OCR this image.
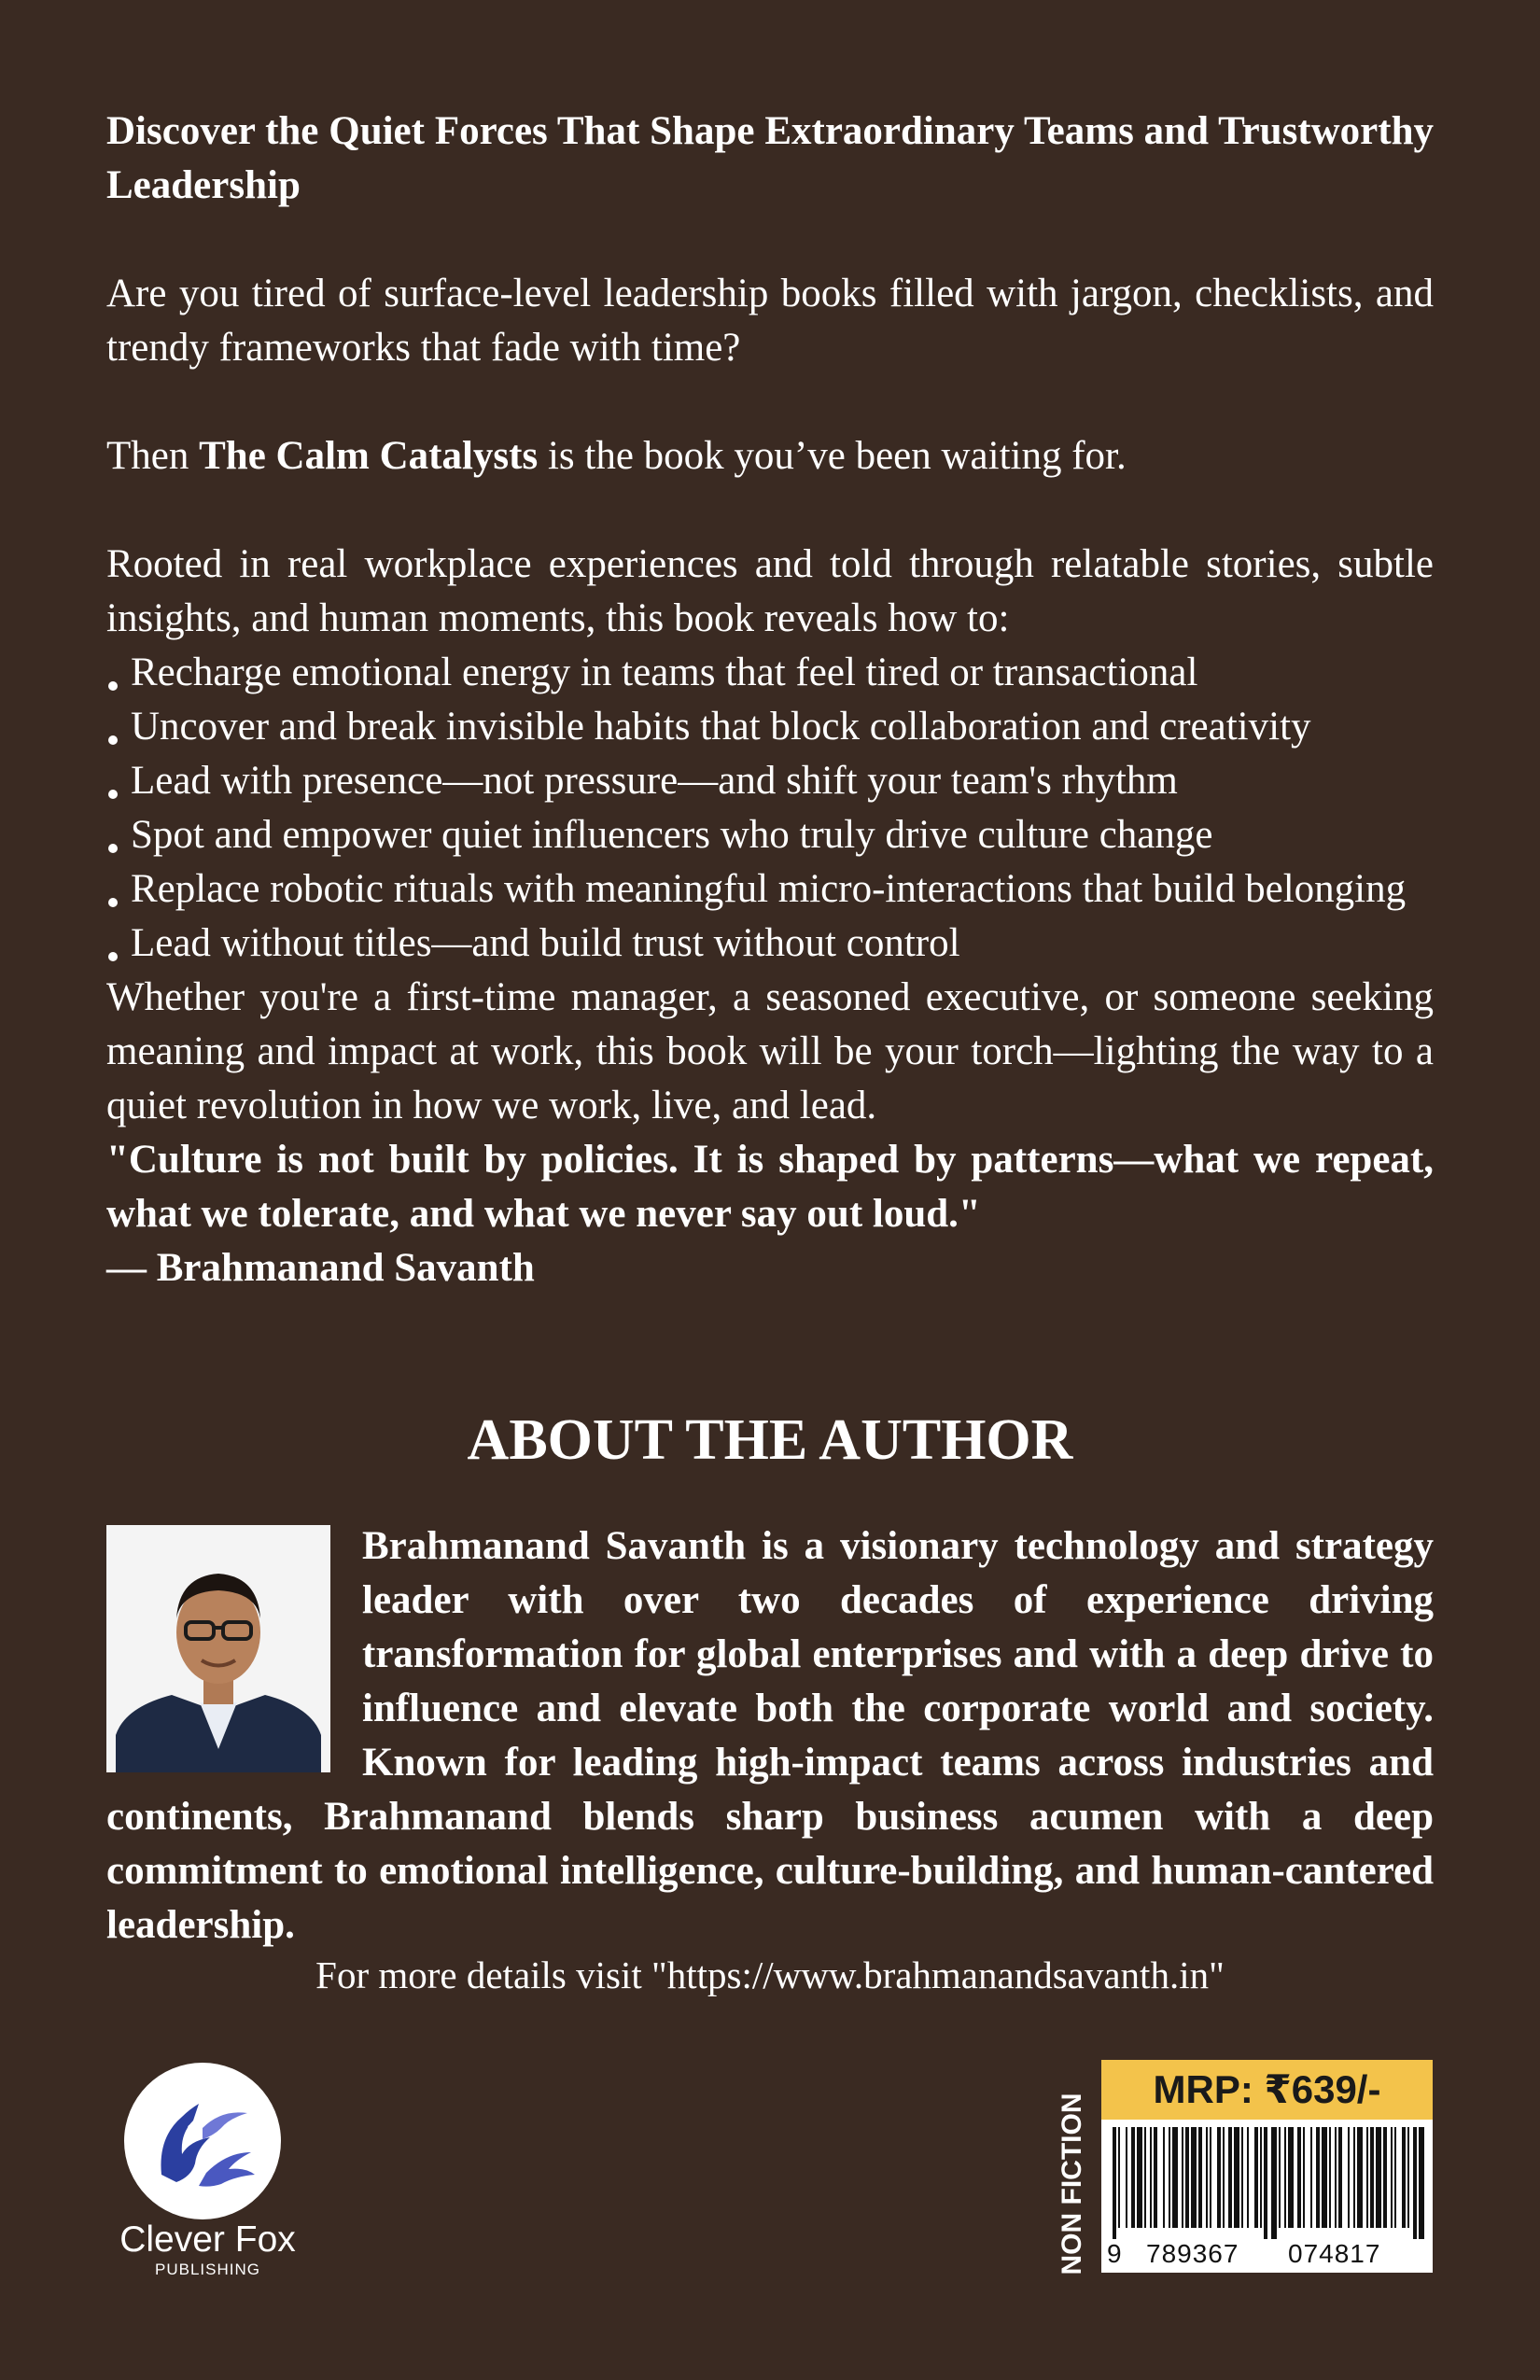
Discover the Quiet Forces That Shape Extraordinary Teams and Trustworthy Leadership

Are you tired of surface-level leadership books filled with jargon, checklists, and trendy frameworks that fade with time?

Then The Calm Catalysts is the book you’ve been waiting for.

Rooted in real workplace experiences and told through relatable stories, subtle insights, and human moments, this book reveals how to:

Recharge emotional energy in teams that feel tired or transactional
Uncover and break invisible habits that block collaboration and creativity
Lead with presence—not pressure—and shift your team's rhythm
Spot and empower quiet influencers who truly drive culture change
Replace robotic rituals with meaningful micro-interactions that build belonging
Lead without titles—and build trust without control

Whether you're a first-time manager, a seasoned executive, or someone seeking meaning and impact at work, this book will be your torch—lighting the way to a quiet revolution in how we work, live, and lead.

"Culture is not built by policies. It is shaped by patterns—what we repeat, what we tolerate, and what we never say out loud."

— Brahmanand Savanth

ABOUT THE AUTHOR

Brahmanand Savanth is a visionary technology and strategy leader with over two decades of experience driving transformation for global enterprises and with a deep drive to influence and elevate both the corporate world and society. Known for leading high-impact teams across industries and continents, Brahmanand blends sharp business acumen with a deep commitment to emotional intelligence, culture-building, and human-cantered leadership.

For more details visit "https://www.brahmanandsavanth.in"

Clever Fox
PUBLISHING	NON FICTION
MRP: ₹639/-
9 789367 074817
